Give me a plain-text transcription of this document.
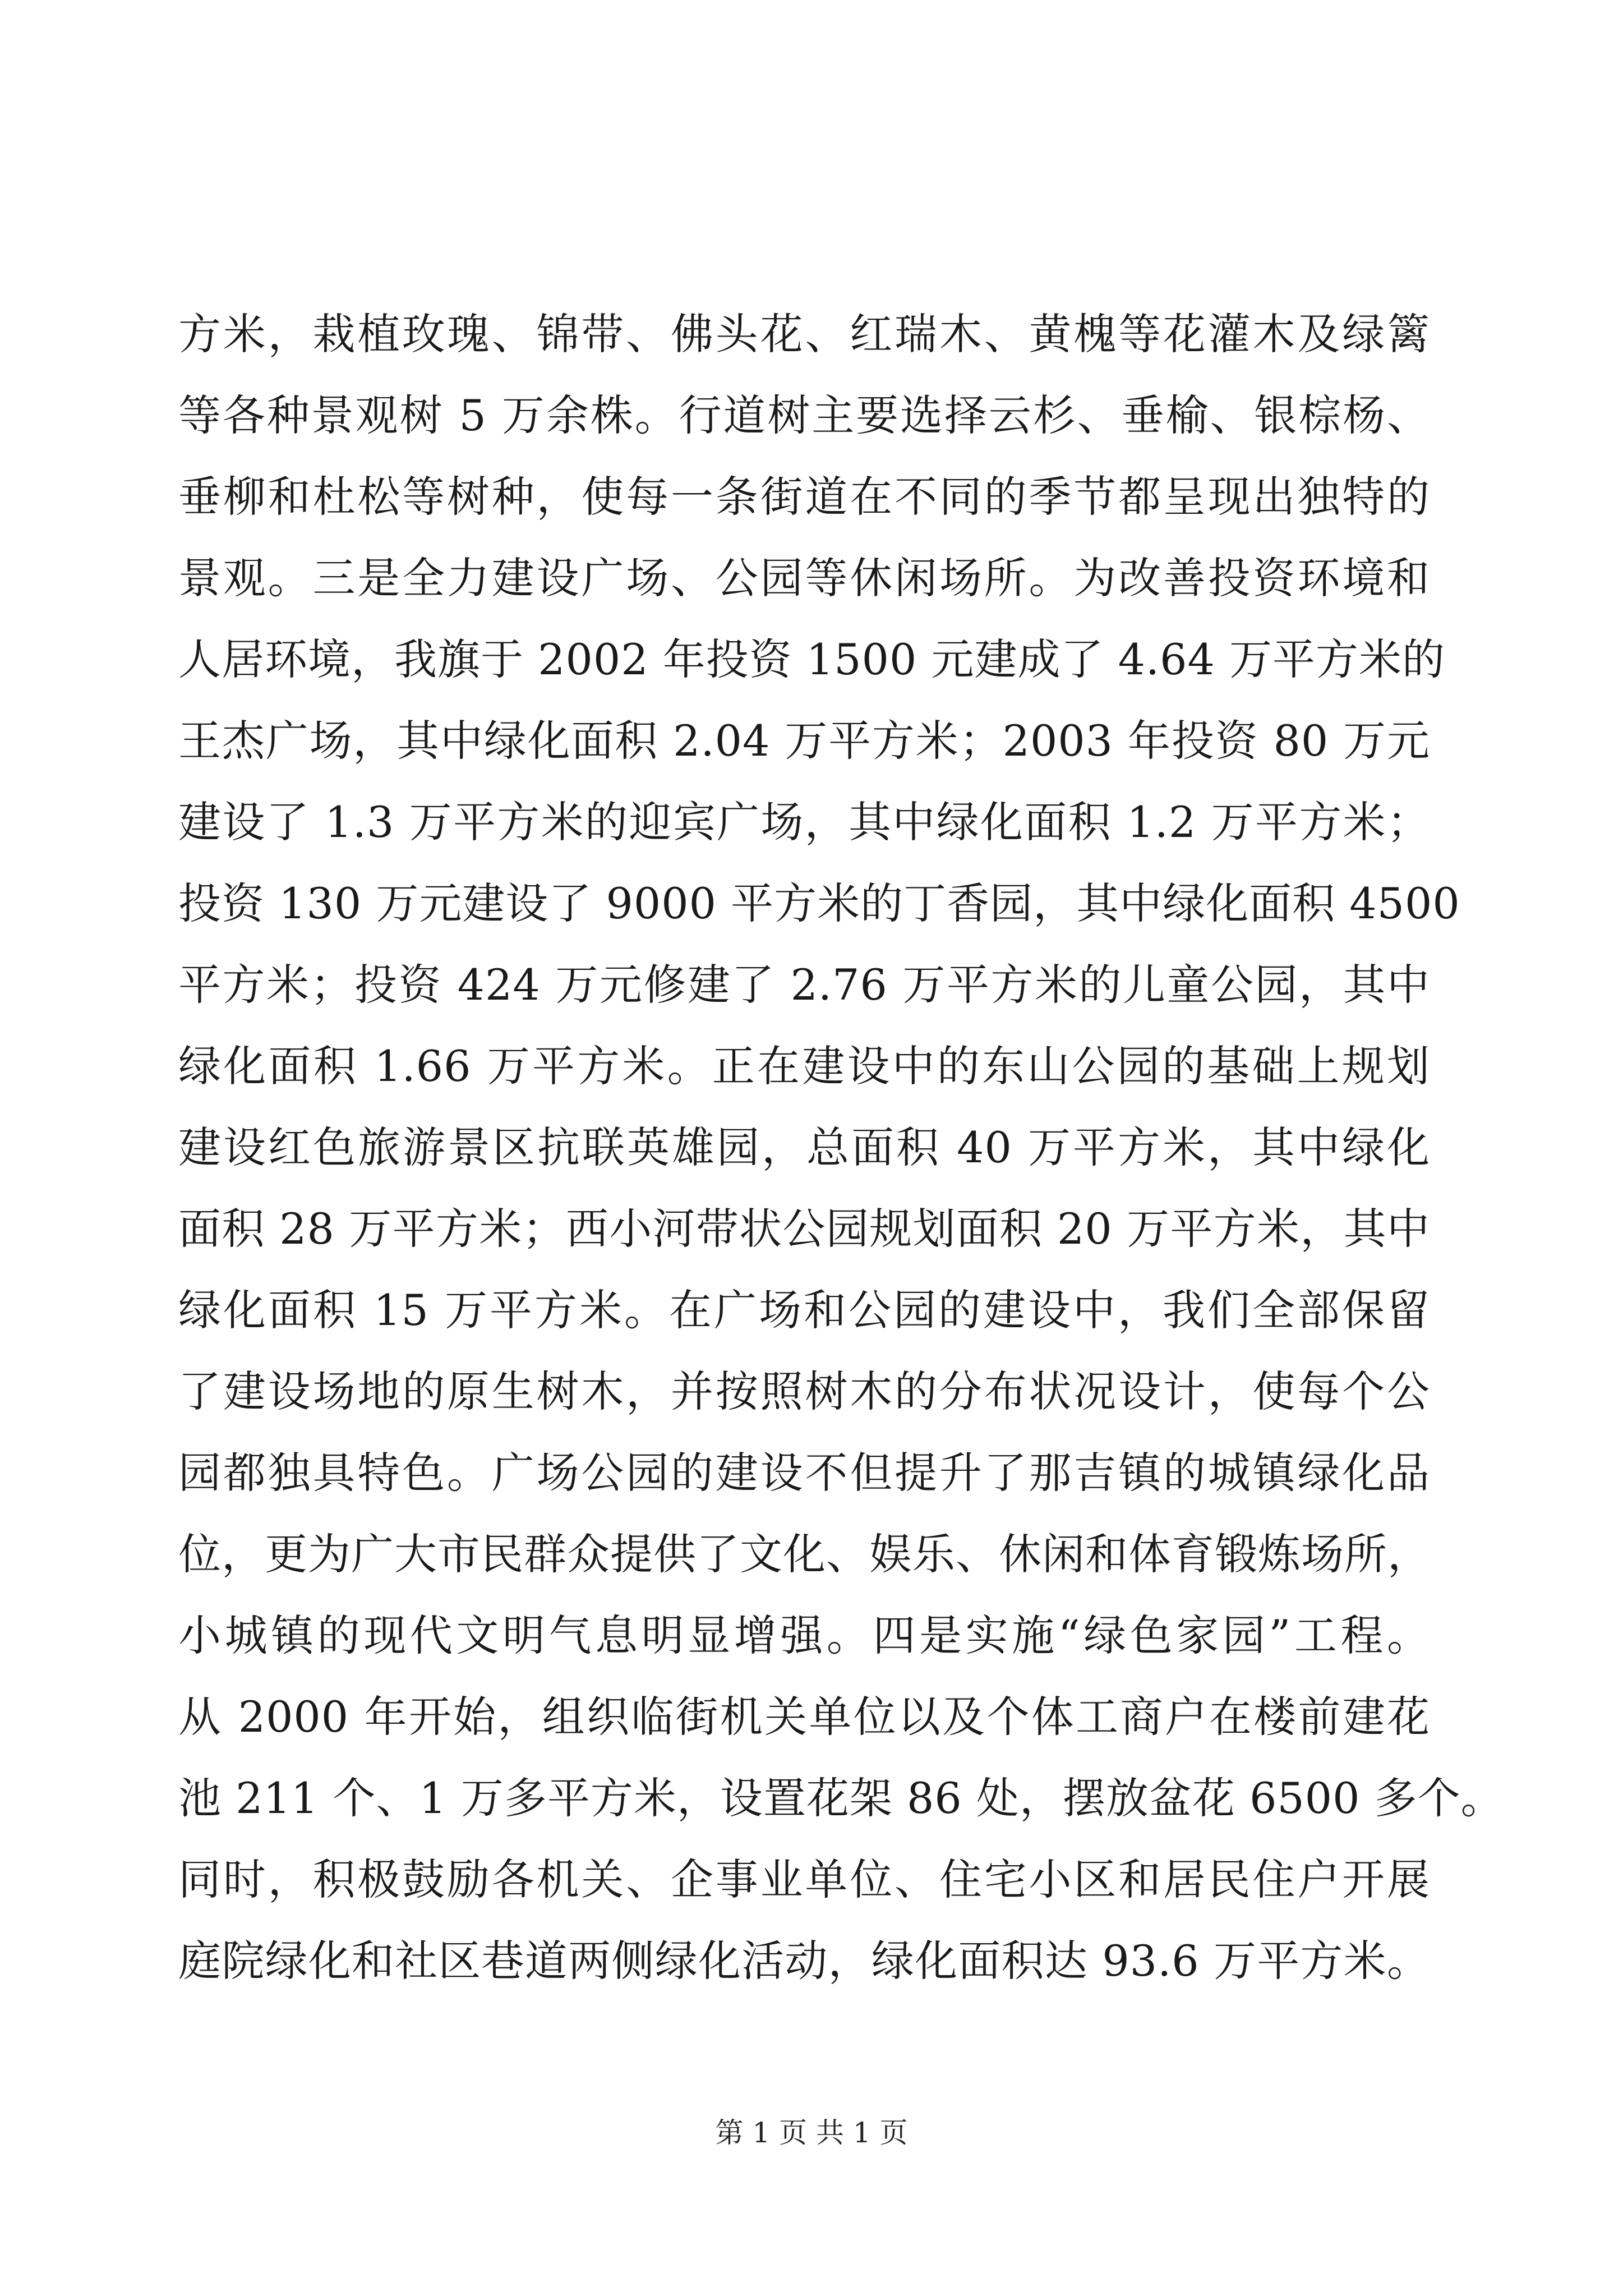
方米，栽植玫瑰、锦带、佛头花、红瑞木、黄槐等花灌木及绿篱
等各种景观树 5 万余株。行道树主要选择云杉、垂榆、银棕杨、
垂柳和杜松等树种，使每一条街道在不同的季节都呈现出独特的
景观。三是全力建设广场、公园等休闲场所。为改善投资环境和
人居环境，我旗于 2002 年投资 1500 元建成了 4.64 万平方米的
王杰广场，其中绿化面积 2.04 万平方米；2003 年投资 80 万元
建设了 1.3 万平方米的迎宾广场，其中绿化面积 1.2 万平方米；
投资 130 万元建设了 9000 平方米的丁香园，其中绿化面积 4500
平方米；投资 424 万元修建了 2.76 万平方米的儿童公园，其中
绿化面积 1.66 万平方米。正在建设中的东山公园的基础上规划
建设红色旅游景区抗联英雄园，总面积 40 万平方米，其中绿化
面积 28 万平方米；西小河带状公园规划面积 20 万平方米，其中
绿化面积 15 万平方米。在广场和公园的建设中，我们全部保留
了建设场地的原生树木，并按照树木的分布状况设计，使每个公
园都独具特色。广场公园的建设不但提升了那吉镇的城镇绿化品
位，更为广大市民群众提供了文化、娱乐、休闲和体育锻炼场所，
小城镇的现代文明气息明显增强。四是实施“绿色家园”工程。
从 2000 年开始，组织临街机关单位以及个体工商户在楼前建花
池 211 个、1 万多平方米，设置花架 86 处，摆放盆花 6500 多个。
同时，积极鼓励各机关、企事业单位、住宅小区和居民住户开展
庭院绿化和社区巷道两侧绿化活动，绿化面积达 93.6 万平方米。
第 1 页 共 1 页
